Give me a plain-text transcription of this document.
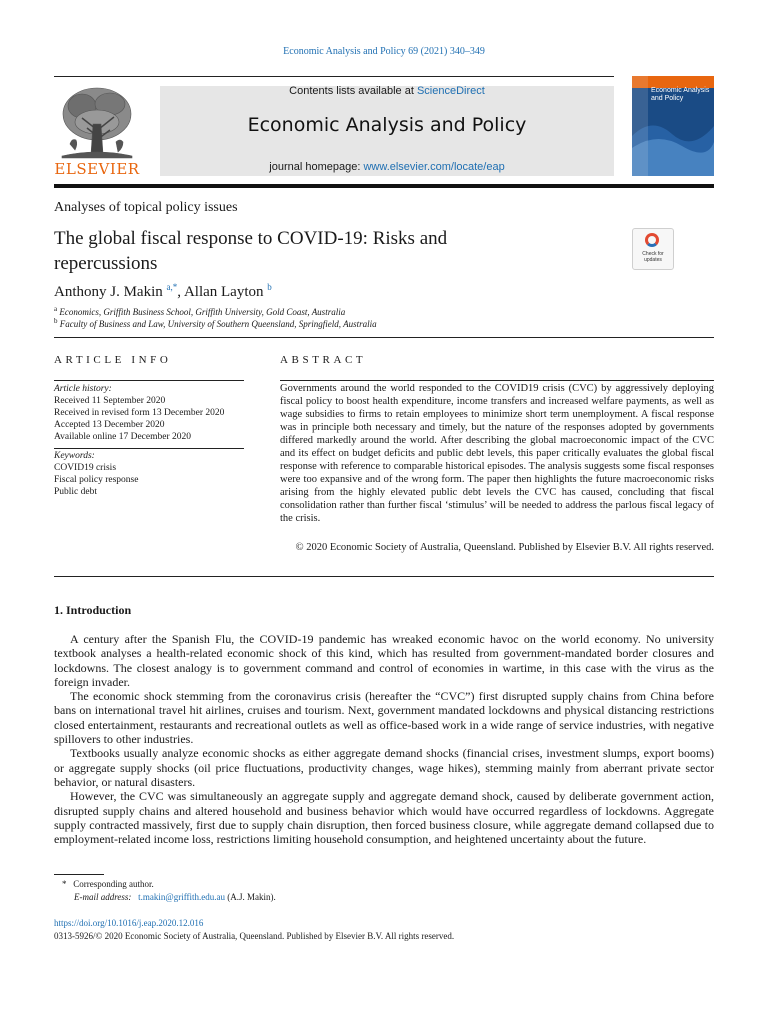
Economic Analysis and Policy 69 (2021) 340–349
ELSEVIER
Contents lists available at ScienceDirect
Economic Analysis and Policy
journal homepage: www.elsevier.com/locate/eap
Economic Analysis and Policy
Analyses of topical policy issues
The global fiscal response to COVID-19: Risks and repercussions	Check for updates
Anthony J. Makin $^{a,*}$, Allan Layton $^b$
$^a$ Economics, Griffith Business School, Griffith University, Gold Coast, Australia
$^b$ Faculty of Business and Law, University of Southern Queensland, Springfield, Australia
ARTICLE INFO
Article history:
Received 11 September 2020
Received in revised form 13 December 2020
Accepted 13 December 2020
Available online 17 December 2020
Keywords:
COVID19 crisis
Fiscal policy response
Public debt
ABSTRACT
Governments around the world responded to the COVID19 crisis (CVC) by aggressively deploying fiscal policy to boost health expenditure, income transfers and increased welfare payments, as well as wage subsidies to firms to retain employees to minimize short term unemployment. A fiscal response was in principle both necessary and timely, but the nature of the responses adopted by governments differed markedly around the world. After describing the global macroeconomic impact of the CVC and its effect on budget deficits and public debt levels, this paper critically evaluates the global fiscal response with reference to comparable historical episodes. The analysis suggests some fiscal responses were too expansive and of the wrong form. The paper then highlights the future macroeconomic risks arising from the highly elevated public debt levels the CVC has caused, concluding that fiscal consolidation rather than further fiscal ‘stimulus’ will be needed to address the parlous fiscal legacy of the crisis.
© 2020 Economic Society of Australia, Queensland. Published by Elsevier B.V. All rights reserved.
1. Introduction

A century after the Spanish Flu, the COVID-19 pandemic has wreaked economic havoc on the world economy. No university textbook analyses a health-related economic shock of this kind, which has resulted from government-mandated border closures and lockdowns. The closest analogy is to government command and control of economies in wartime, in this case with the virus as the foreign invader.

The economic shock stemming from the coronavirus crisis (hereafter the “CVC”) first disrupted supply chains from China before bans on international travel hit airlines, cruises and tourism. Next, government mandated lockdowns and physical distancing restrictions closed entertainment, restaurants and recreational outlets as well as office-based work in a wide range of service industries, with negative spillovers to other industries.

Textbooks usually analyze economic shocks as either aggregate demand shocks (financial crises, investment slumps, export booms) or aggregate supply shocks (oil price fluctuations, productivity changes, wage hikes), stemming mainly from aberrant private sector behavior, or natural disasters.

However, the CVC was simultaneously an aggregate supply and aggregate demand shock, caused by deliberate government action, disrupted supply chains and altered household and business behavior which would have occurred regardless of lockdowns. Aggregate supply contracted massively, first due to supply chain disruption, then forced business closure, while aggregate demand collapsed due to employment-related income loss, restrictions limiting household consumption, and heightened uncertainty about the future.

* Corresponding author.
E-mail address: t.makin@griffith.edu.au (A.J. Makin).
https://doi.org/10.1016/j.eap.2020.12.016
0313-5926/© 2020 Economic Society of Australia, Queensland. Published by Elsevier B.V. All rights reserved.
